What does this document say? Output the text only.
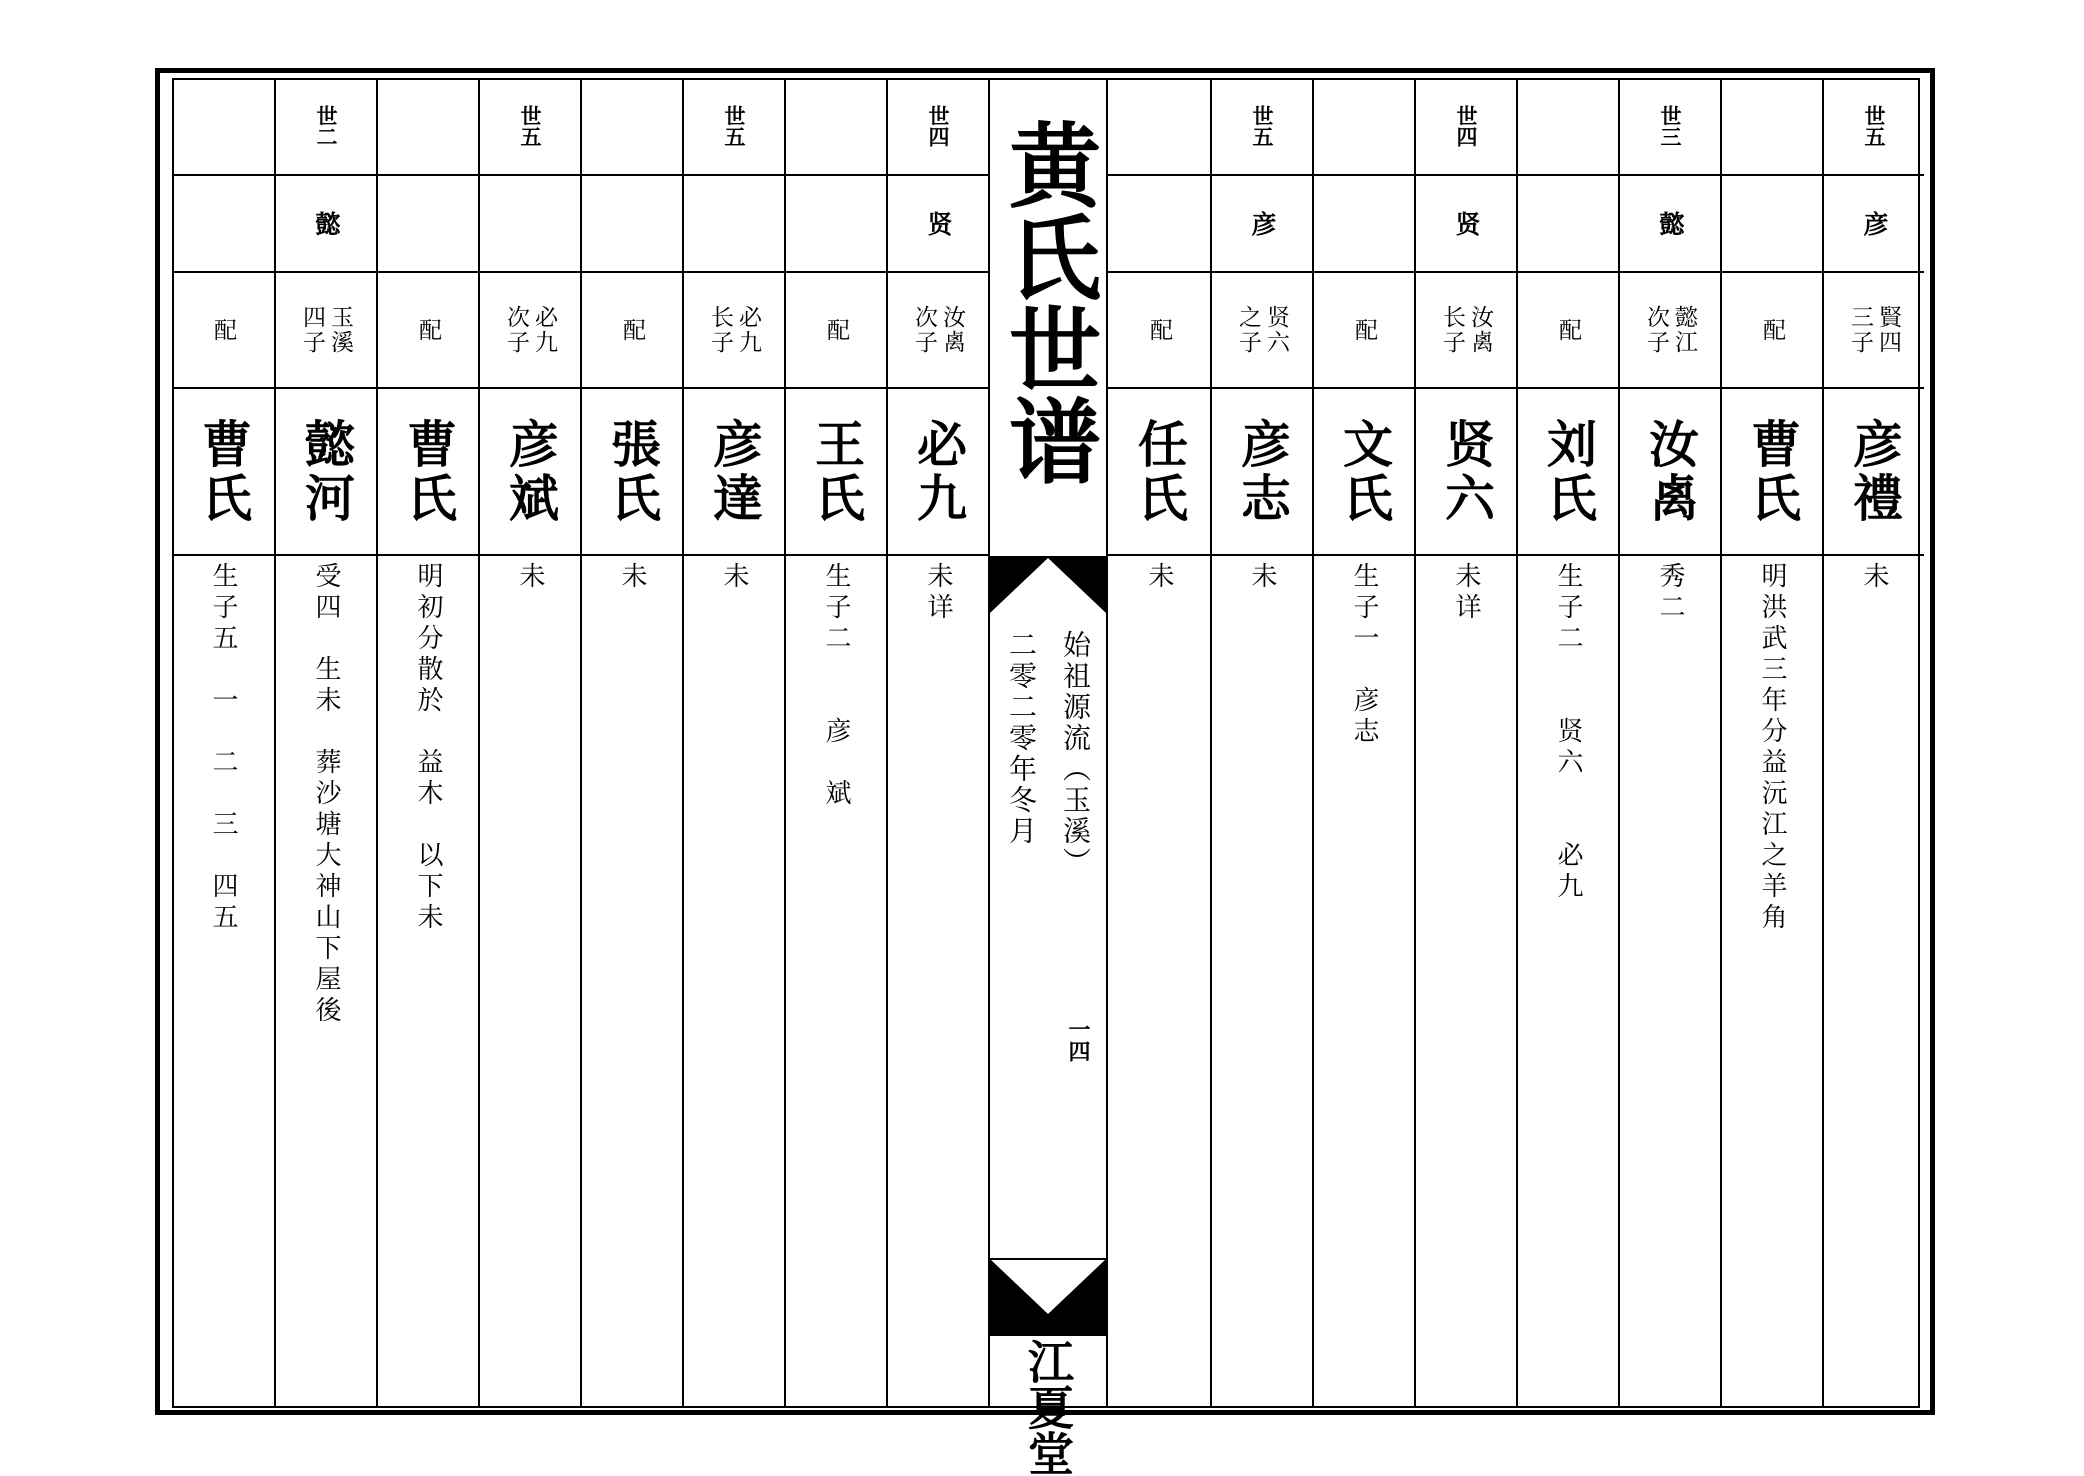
配
曹氏
生子五　一　二　三　四五
世二
懿
玉溪
四子
懿河
受四　生未　葬沙塘大神山下屋後
配
曹氏
明初分散於　益木　以下未
世五
必九
次子
彦斌
未
配
張氏
未
世五
必九
长子
彦達
未
配
王氏
生子二　　彦　斌
世四
贤
汝禼
次子
必九
未详
黄氏世谱
始祖源流（玉溪）
二零二零年冬月
一四
江夏堂
配
任氏
未
世五
彦
贤六
之子
彦志
未
配
文氏
生子一　彦志
世四
贤
汝禼
长子
贤六
未详
配
刘氏
生子二　　贤六　　必九
世三
懿
懿江
次子
汝禼
秀二
配
曹氏
明洪武三年分益沅江之羊角
世五
彦
賢四
三子
彦禮
未
